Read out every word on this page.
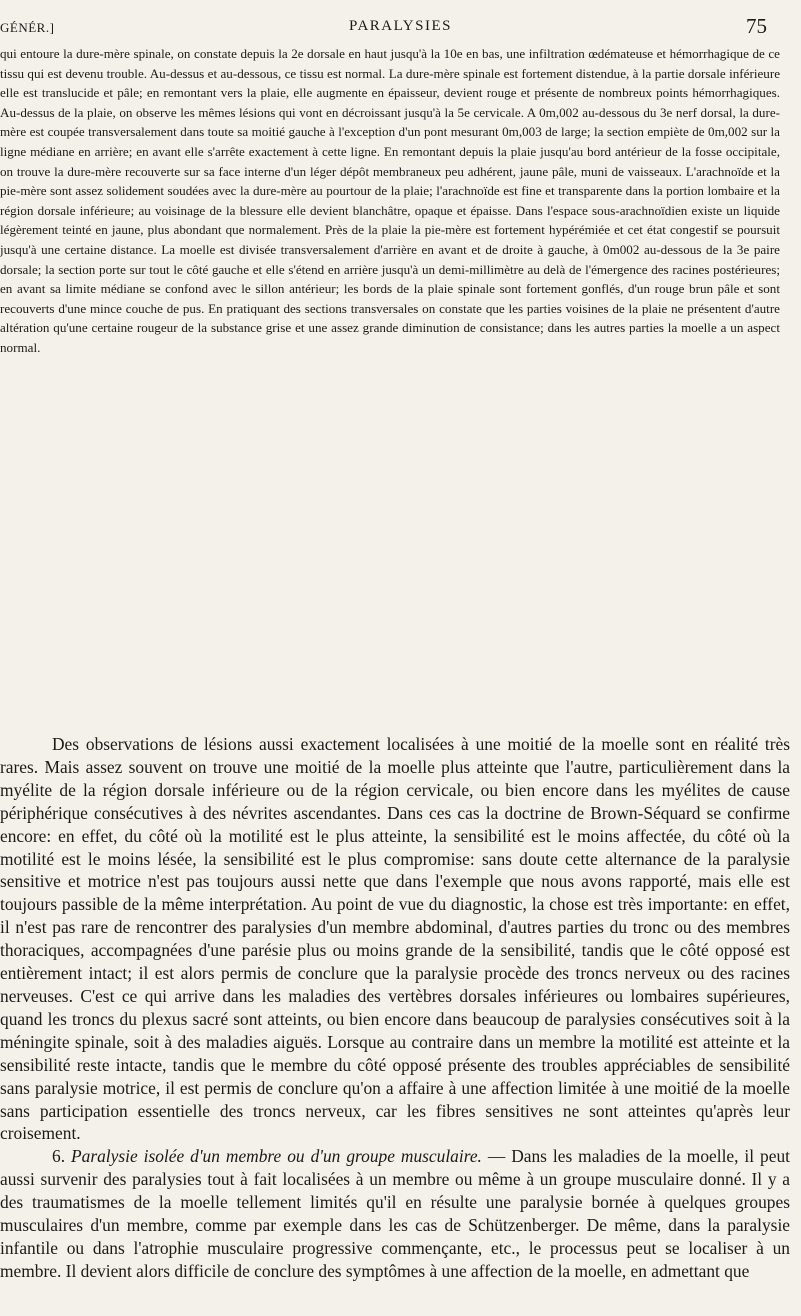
GÉNÉR.]	PARALYSIES	75

qui entoure la dure-mère spinale, on constate depuis la 2e dorsale en haut jusqu'à la 10e en bas, une infiltration œdémateuse et hémorrhagique de ce tissu qui est devenu trouble. Au-dessus et au-dessous, ce tissu est normal. La dure-mère spinale est fortement distendue, à la partie dorsale inférieure elle est translucide et pâle; en remontant vers la plaie, elle augmente en épaisseur, devient rouge et présente de nombreux points hémorrhagiques. Au-dessus de la plaie, on observe les mêmes lésions qui vont en décroissant jusqu'à la 5e cervicale. A 0m,002 au-dessous du 3e nerf dorsal, la dure-mère est coupée transversalement dans toute sa moitié gauche à l'exception d'un pont mesurant 0m,003 de large; la section empiète de 0m,002 sur la ligne médiane en arrière; en avant elle s'arrête exactement à cette ligne. En remontant depuis la plaie jusqu'au bord antérieur de la fosse occipitale, on trouve la dure-mère recouverte sur sa face interne d'un léger dépôt membraneux peu adhérent, jaune pâle, muni de vaisseaux. L'arachnoïde et la pie-mère sont assez solidement soudées avec la dure-mère au pourtour de la plaie; l'arachnoïde est fine et transparente dans la portion lombaire et la région dorsale inférieure; au voisinage de la blessure elle devient blanchâtre, opaque et épaisse. Dans l'espace sous-arachnoïdien existe un liquide légèrement teinté en jaune, plus abondant que normalement. Près de la plaie la pie-mère est fortement hypérémiée et cet état congestif se poursuit jusqu'à une certaine distance. La moelle est divisée transversalement d'arrière en avant et de droite à gauche, à 0m002 au-dessous de la 3e paire dorsale; la section porte sur tout le côté gauche et elle s'étend en arrière jusqu'à un demi-millimètre au delà de l'émergence des racines postérieures; en avant sa limite médiane se confond avec le sillon antérieur; les bords de la plaie spinale sont fortement gonflés, d'un rouge brun pâle et sont recouverts d'une mince couche de pus. En pratiquant des sections transversales on constate que les parties voisines de la plaie ne présentent d'autre altération qu'une certaine rougeur de la substance grise et une assez grande diminution de consistance; dans les autres parties la moelle a un aspect normal.

Des observations de lésions aussi exactement localisées à une moitié de la moelle sont en réalité très rares. Mais assez souvent on trouve une moitié de la moelle plus atteinte que l'autre, particulièrement dans la myélite de la région dorsale inférieure ou de la région cervicale, ou bien encore dans les myélites de cause périphérique consécutives à des névrites ascendantes. Dans ces cas la doctrine de Brown-Séquard se confirme encore: en effet, du côté où la motilité est le plus atteinte, la sensibilité est le moins affectée, du côté où la motilité est le moins lésée, la sensibilité est le plus compromise: sans doute cette alternance de la paralysie sensitive et motrice n'est pas toujours aussi nette que dans l'exemple que nous avons rapporté, mais elle est toujours passible de la même interprétation. Au point de vue du diagnostic, la chose est très importante: en effet, il n'est pas rare de rencontrer des paralysies d'un membre abdominal, d'autres parties du tronc ou des membres thoraciques, accompagnées d'une parésie plus ou moins grande de la sensibilité, tandis que le côté opposé est entièrement intact; il est alors permis de conclure que la paralysie procède des troncs nerveux ou des racines nerveuses. C'est ce qui arrive dans les maladies des vertèbres dorsales inférieures ou lombaires supérieures, quand les troncs du plexus sacré sont atteints, ou bien encore dans beaucoup de paralysies consécutives soit à la méningite spinale, soit à des maladies aiguës. Lorsque au contraire dans un membre la motilité est atteinte et la sensibilité reste intacte, tandis que le membre du côté opposé présente des troubles appréciables de sensibilité sans paralysie motrice, il est permis de conclure qu'on a affaire à une affection limitée à une moitié de la moelle sans participation essentielle des troncs nerveux, car les fibres sensitives ne sont atteintes qu'après leur croisement.

6. Paralysie isolée d'un membre ou d'un groupe musculaire. — Dans les maladies de la moelle, il peut aussi survenir des paralysies tout à fait localisées à un membre ou même à un groupe musculaire donné. Il y a des traumatismes de la moelle tellement limités qu'il en résulte une paralysie bornée à quelques groupes musculaires d'un membre, comme par exemple dans les cas de Schützenberger. De même, dans la paralysie infantile ou dans l'atrophie musculaire progressive commençante, etc., le processus peut se localiser à un membre. Il devient alors difficile de conclure des symptômes à une affection de la moelle, en admettant que
